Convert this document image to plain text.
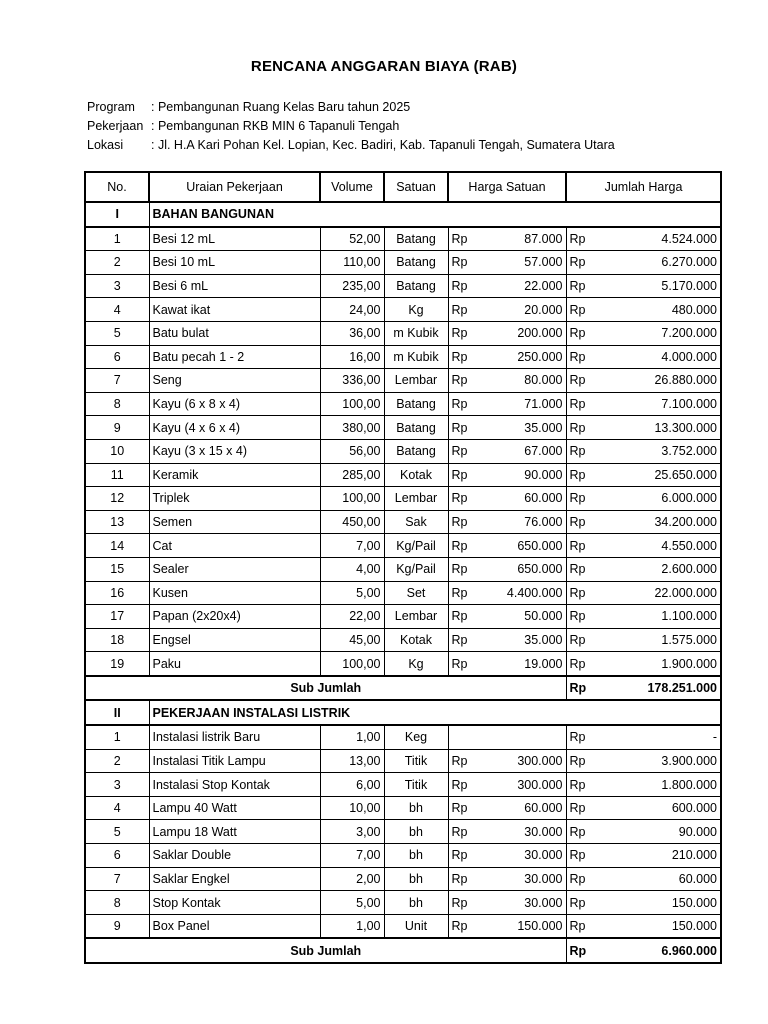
RENCANA ANGGARAN BIAYA (RAB)
Program : Pembangunan Ruang Kelas Baru tahun 2025
Pekerjaan : Pembangunan RKB MIN 6 Tapanuli Tengah
Lokasi : Jl. H.A Kari Pohan Kel. Lopian, Kec. Badiri, Kab. Tapanuli Tengah, Sumatera Utara
No.	Uraian Pekerjaan	Volume	Satuan	Harga Satuan	Jumlah Harga
I	BAHAN BANGUNAN				
1	Besi 12 mL	52,00	Batang	Rp 87.000	Rp 4.524.000

2	Besi 10 mL	110,00	Batang	Rp 57.000	Rp 6.270.000

3	Besi 6 mL	235,00	Batang	Rp 22.000	Rp 5.170.000

4	Kawat ikat	24,00	Kg	Rp 20.000	Rp 480.000

5	Batu bulat	36,00	m Kubik	Rp 200.000	Rp 7.200.000

6	Batu pecah 1 - 2	16,00	m Kubik	Rp 250.000	Rp 4.000.000

7	Seng	336,00	Lembar	Rp 80.000	Rp 26.880.000

8	Kayu (6 x 8 x 4)	100,00	Batang	Rp 71.000	Rp 7.100.000

9	Kayu (4 x 6 x 4)	380,00	Batang	Rp 35.000	Rp 13.300.000

10	Kayu (3 x 15 x 4)	56,00	Batang	Rp 67.000	Rp 3.752.000

11	Keramik	285,00	Kotak	Rp 90.000	Rp 25.650.000

12	Triplek	100,00	Lembar	Rp 60.000	Rp 6.000.000

13	Semen	450,00	Sak	Rp 76.000	Rp 34.200.000

14	Cat	7,00	Kg/Pail	Rp 650.000	Rp 4.550.000

15	Sealer	4,00	Kg/Pail	Rp 650.000	Rp 2.600.000

16	Kusen	5,00	Set	Rp 4.400.000	Rp 22.000.000

17	Papan (2x20x4)	22,00	Lembar	Rp 50.000	Rp 1.100.000

18	Engsel	45,00	Kotak	Rp 35.000	Rp 1.575.000

19	Paku	100,00	Kg	Rp 19.000	Rp 1.900.000

Sub Jumlah					Rp 178.251.000

II	PEKERJAAN INSTALASI LISTRIK				
1	Instalasi listrik Baru	1,00	Keg		Rp -

2	Instalasi Titik Lampu	13,00	Titik	Rp 300.000	Rp 3.900.000

3	Instalasi Stop Kontak	6,00	Titik	Rp 300.000	Rp 1.800.000

4	Lampu 40 Watt	10,00	bh	Rp 60.000	Rp 600.000

5	Lampu 18 Watt	3,00	bh	Rp 30.000	Rp 90.000

6	Saklar Double	7,00	bh	Rp 30.000	Rp 210.000

7	Saklar Engkel	2,00	bh	Rp 30.000	Rp 60.000

8	Stop Kontak	5,00	bh	Rp 30.000	Rp 150.000

9	Box Panel	1,00	Unit	Rp 150.000	Rp 150.000

Sub Jumlah					Rp 6.960.000
